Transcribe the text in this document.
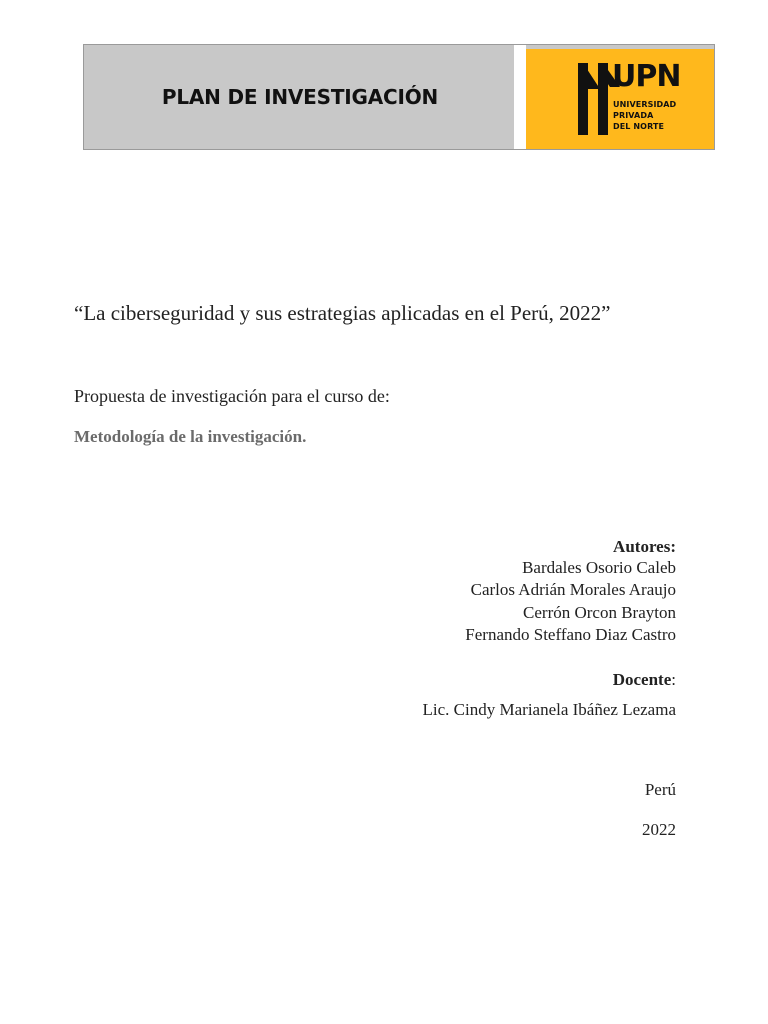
PLAN DE INVESTIGACIÓN
UPN
UNIVERSIDAD
PRIVADA
DEL NORTE
“La ciberseguridad y sus estrategias aplicadas en el Perú, 2022”
Propuesta de investigación para el curso de:
Metodología de la investigación.
Autores:
Bardales Osorio Caleb
Carlos Adrián Morales Araujo
Cerrón Orcon Brayton
Fernando Steffano Diaz Castro
Docente:
Lic. Cindy Marianela Ibáñez Lezama
Perú
2022
